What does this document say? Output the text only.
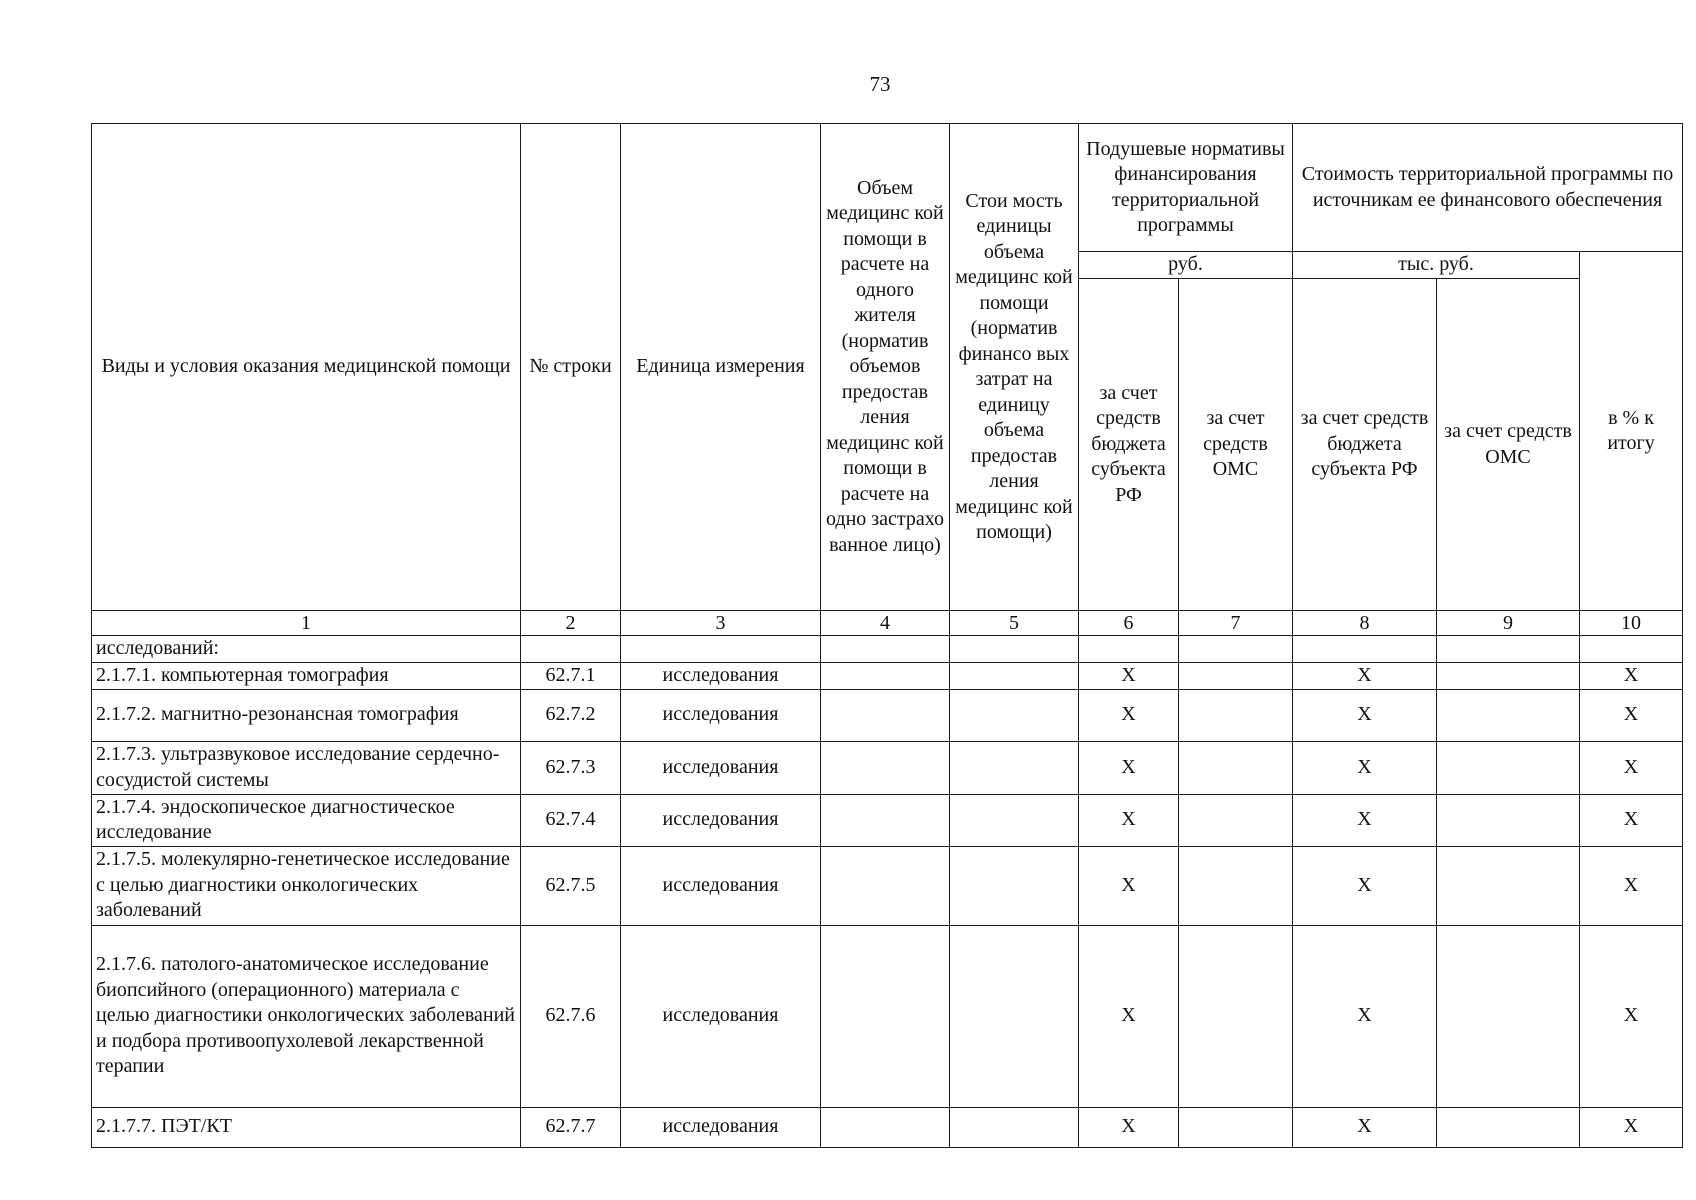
73
Виды и условия оказания медицинской помощи	№ строки	Единица измерения	Объем медицинс кой помощи в расчете на одного жителя (норматив объемов предостав ления медицинс кой помощи в расчете на одно застрахо ванное лицо)	Стои мость единицы объема медицинс кой помощи (норматив финансо вых затрат на единицу объема предостав ления медицинс кой помощи)	Подушевые нормативы финансирования территориальной программы		Стоимость территориальной программы по источникам ее финансового обеспечения		
					руб.		тыс. руб.		в % к итогу
					за счет средств бюджета субъекта РФ	за счет средств ОМС	за счет средств бюджета субъекта РФ	за счет средств ОМС	
1	2	3	4	5	6	7	8	9	10
исследований:									
2.1.7.1. компьютерная томография	62.7.1	исследования			X		X		X
2.1.7.2. магнитно-резонансная томография	62.7.2	исследования			X		X		X
2.1.7.3. ультразвуковое исследование сердечно-сосудистой системы	62.7.3	исследования			X		X		X
2.1.7.4. эндоскопическое диагностическое исследование	62.7.4	исследования			X		X		X
2.1.7.5. молекулярно-генетическое исследование с целью диагностики онкологических заболеваний	62.7.5	исследования			X		X		X
2.1.7.6. патолого-анатомическое исследование биопсийного (операционного) материала с целью диагностики онкологических заболеваний и подбора противоопухолевой лекарственной терапии	62.7.6	исследования			X		X		X
2.1.7.7. ПЭТ/КТ	62.7.7	исследования			X		X		X
